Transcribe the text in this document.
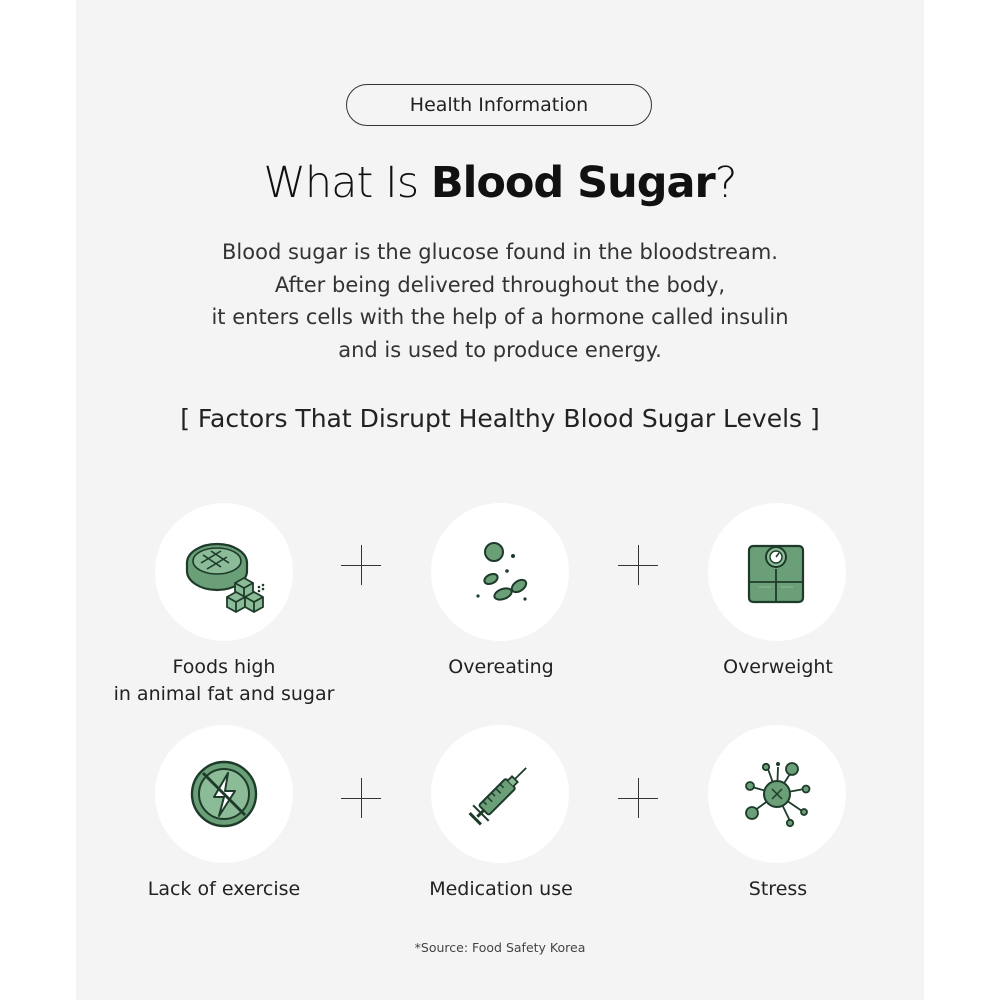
Health Information
What Is Blood Sugar?
Blood sugar is the glucose found in the bloodstream.
After being delivered throughout the body,
it enters cells with the help of a hormone called insulin
and is used to produce energy.
[ Factors That Disrupt Healthy Blood Sugar Levels ]
Foods high
in animal fat and sugar
Overeating	Overweight
Lack of exercise	Medication use	Stress
*Source: Food Safety Korea
